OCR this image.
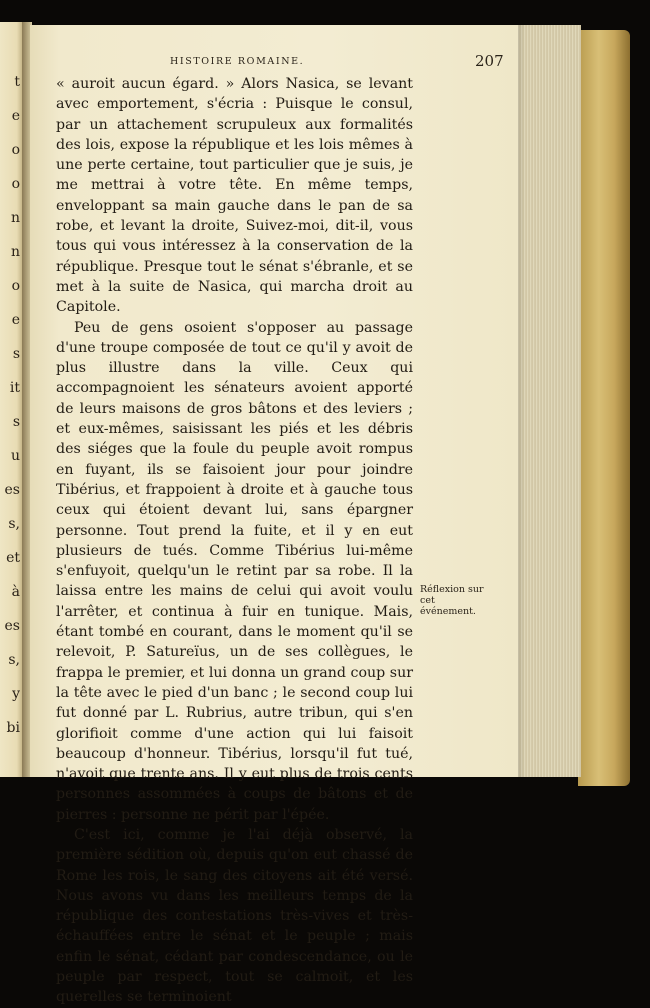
t
e
o
o
n
n
o
e
s
it
s
u
es
s,
et
à
es
s,
y
bi
HISTOIRE ROMAINE.	207

« auroit aucun égard. » Alors Nasica, se levant avec emportement, s'écria : Puisque le consul, par un attachement scrupuleux aux formalités des lois, expose la république et les lois mêmes à une perte certaine, tout particulier que je suis, je me mettrai à votre tête. En même temps, enveloppant sa main gauche dans le pan de sa robe, et levant la droite, Suivez-moi, dit-il, vous tous qui vous intéressez à la conservation de la république. Presque tout le sénat s'ébranle, et se met à la suite de Nasica, qui marcha droit au Capitole.

Peu de gens osoient s'opposer au passage d'une troupe composée de tout ce qu'il y avoit de plus illustre dans la ville. Ceux qui accompagnoient les sénateurs avoient apporté de leurs maisons de gros bâtons et des leviers ; et eux-mêmes, saisissant les piés et les débris des siéges que la foule du peuple avoit rompus en fuyant, ils se faisoient jour pour joindre Tibérius, et frappoient à droite et à gauche tous ceux qui étoient devant lui, sans épargner personne. Tout prend la fuite, et il y en eut plusieurs de tués. Comme Tibérius lui-même s'enfuyoit, quelqu'un le retint par sa robe. Il la laissa entre les mains de celui qui avoit voulu l'arrêter, et continua à fuir en tunique. Mais, étant tombé en courant, dans le moment qu'il se relevoit, P. Satureïus, un de ses collègues, le frappa le premier, et lui donna un grand coup sur la tête avec le pied d'un banc ; le second coup lui fut donné par L. Rubrius, autre tribun, qui s'en glorifioit comme d'une action qui lui faisoit beaucoup d'honneur. Tibérius, lorsqu'il fut tué, n'avoit que trente ans. Il y eut plus de trois cents personnes assommées à coups de bâtons et de pierres : personne ne périt par l'épée.

C'est ici, comme je l'ai déjà observé, la première sédition où, depuis qu'on eut chassé de Rome les rois, le sang des citoyens ait été versé. Nous avons vu dans les meilleurs temps de la république des contestations très-vives et très-échauffées entre le sénat et le peuple ; mais enfin le sénat, cédant par condescendance, ou le peuple par respect, tout se calmoit, et les querelles se terminoient

Réflexion sur cet événement.
